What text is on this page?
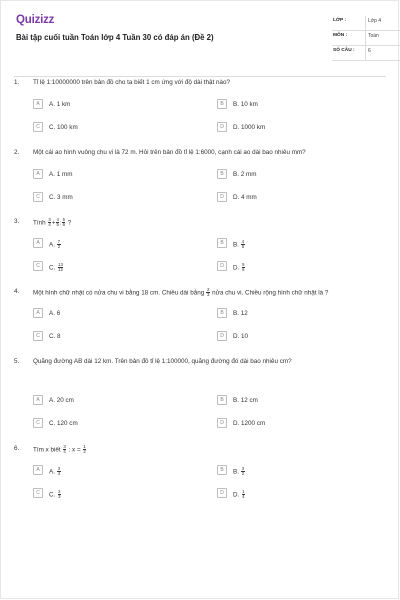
Quizizz
Bài tập cuối tuần Toán lớp 4 Tuần 30 có đáp án (Đề 2)
LỚP :	Lớp 4
MÔN :	Toán
SỐ CÂU :	6
1. Tỉ lệ 1:10000000 trên bản đồ cho ta biết 1 cm ứng với độ dài thật nào?
A	A. 1 km	B	B. 10 km
C	C. 100 km	D	D. 1000 km
2. Một cái ao hình vuông chu vi là 72 m. Hỏi trên bản đồ tỉ lệ 1:6000, cạnh cái ao dài bao nhiêu mm?
A	A. 1 mm	B	B. 2 mm
C	C. 3 mm	D	D. 4 mm
3. Tính $\frac{3}{4} + \frac{4}{5}$ : $\frac{5}{6}$ ?
A	A. $\frac{7}{2}$	B	B. $\frac{4}{5}$
C	C. $\frac{13}{12}$	D	D. $\frac{5}{6}$
4. Một hình chữ nhật có nửa chu vi bằng 18 cm. Chiều dài bằng $\frac{2}{3}$ nửa chu vi. Chiều rộng hình chữ nhật là ?
A	A. 6	B	B. 12
C	C. 8	D	D. 10
5. Quãng đường AB dài 12 km. Trên bản đồ tỉ lệ 1:100000, quãng đường đó dài bao nhiêu cm?
A	A. 20 cm	B	B. 12 cm
C	C. 120 cm	D	D. 1200 cm
6. Tìm x biết $\frac{3}{4}$ : $x = \frac{1}{2}$
A	A. $\frac{3}{4}$	B	B. $\frac{3}{2}$
C	C. $\frac{2}{3}$	D	D. $\frac{1}{4}$
